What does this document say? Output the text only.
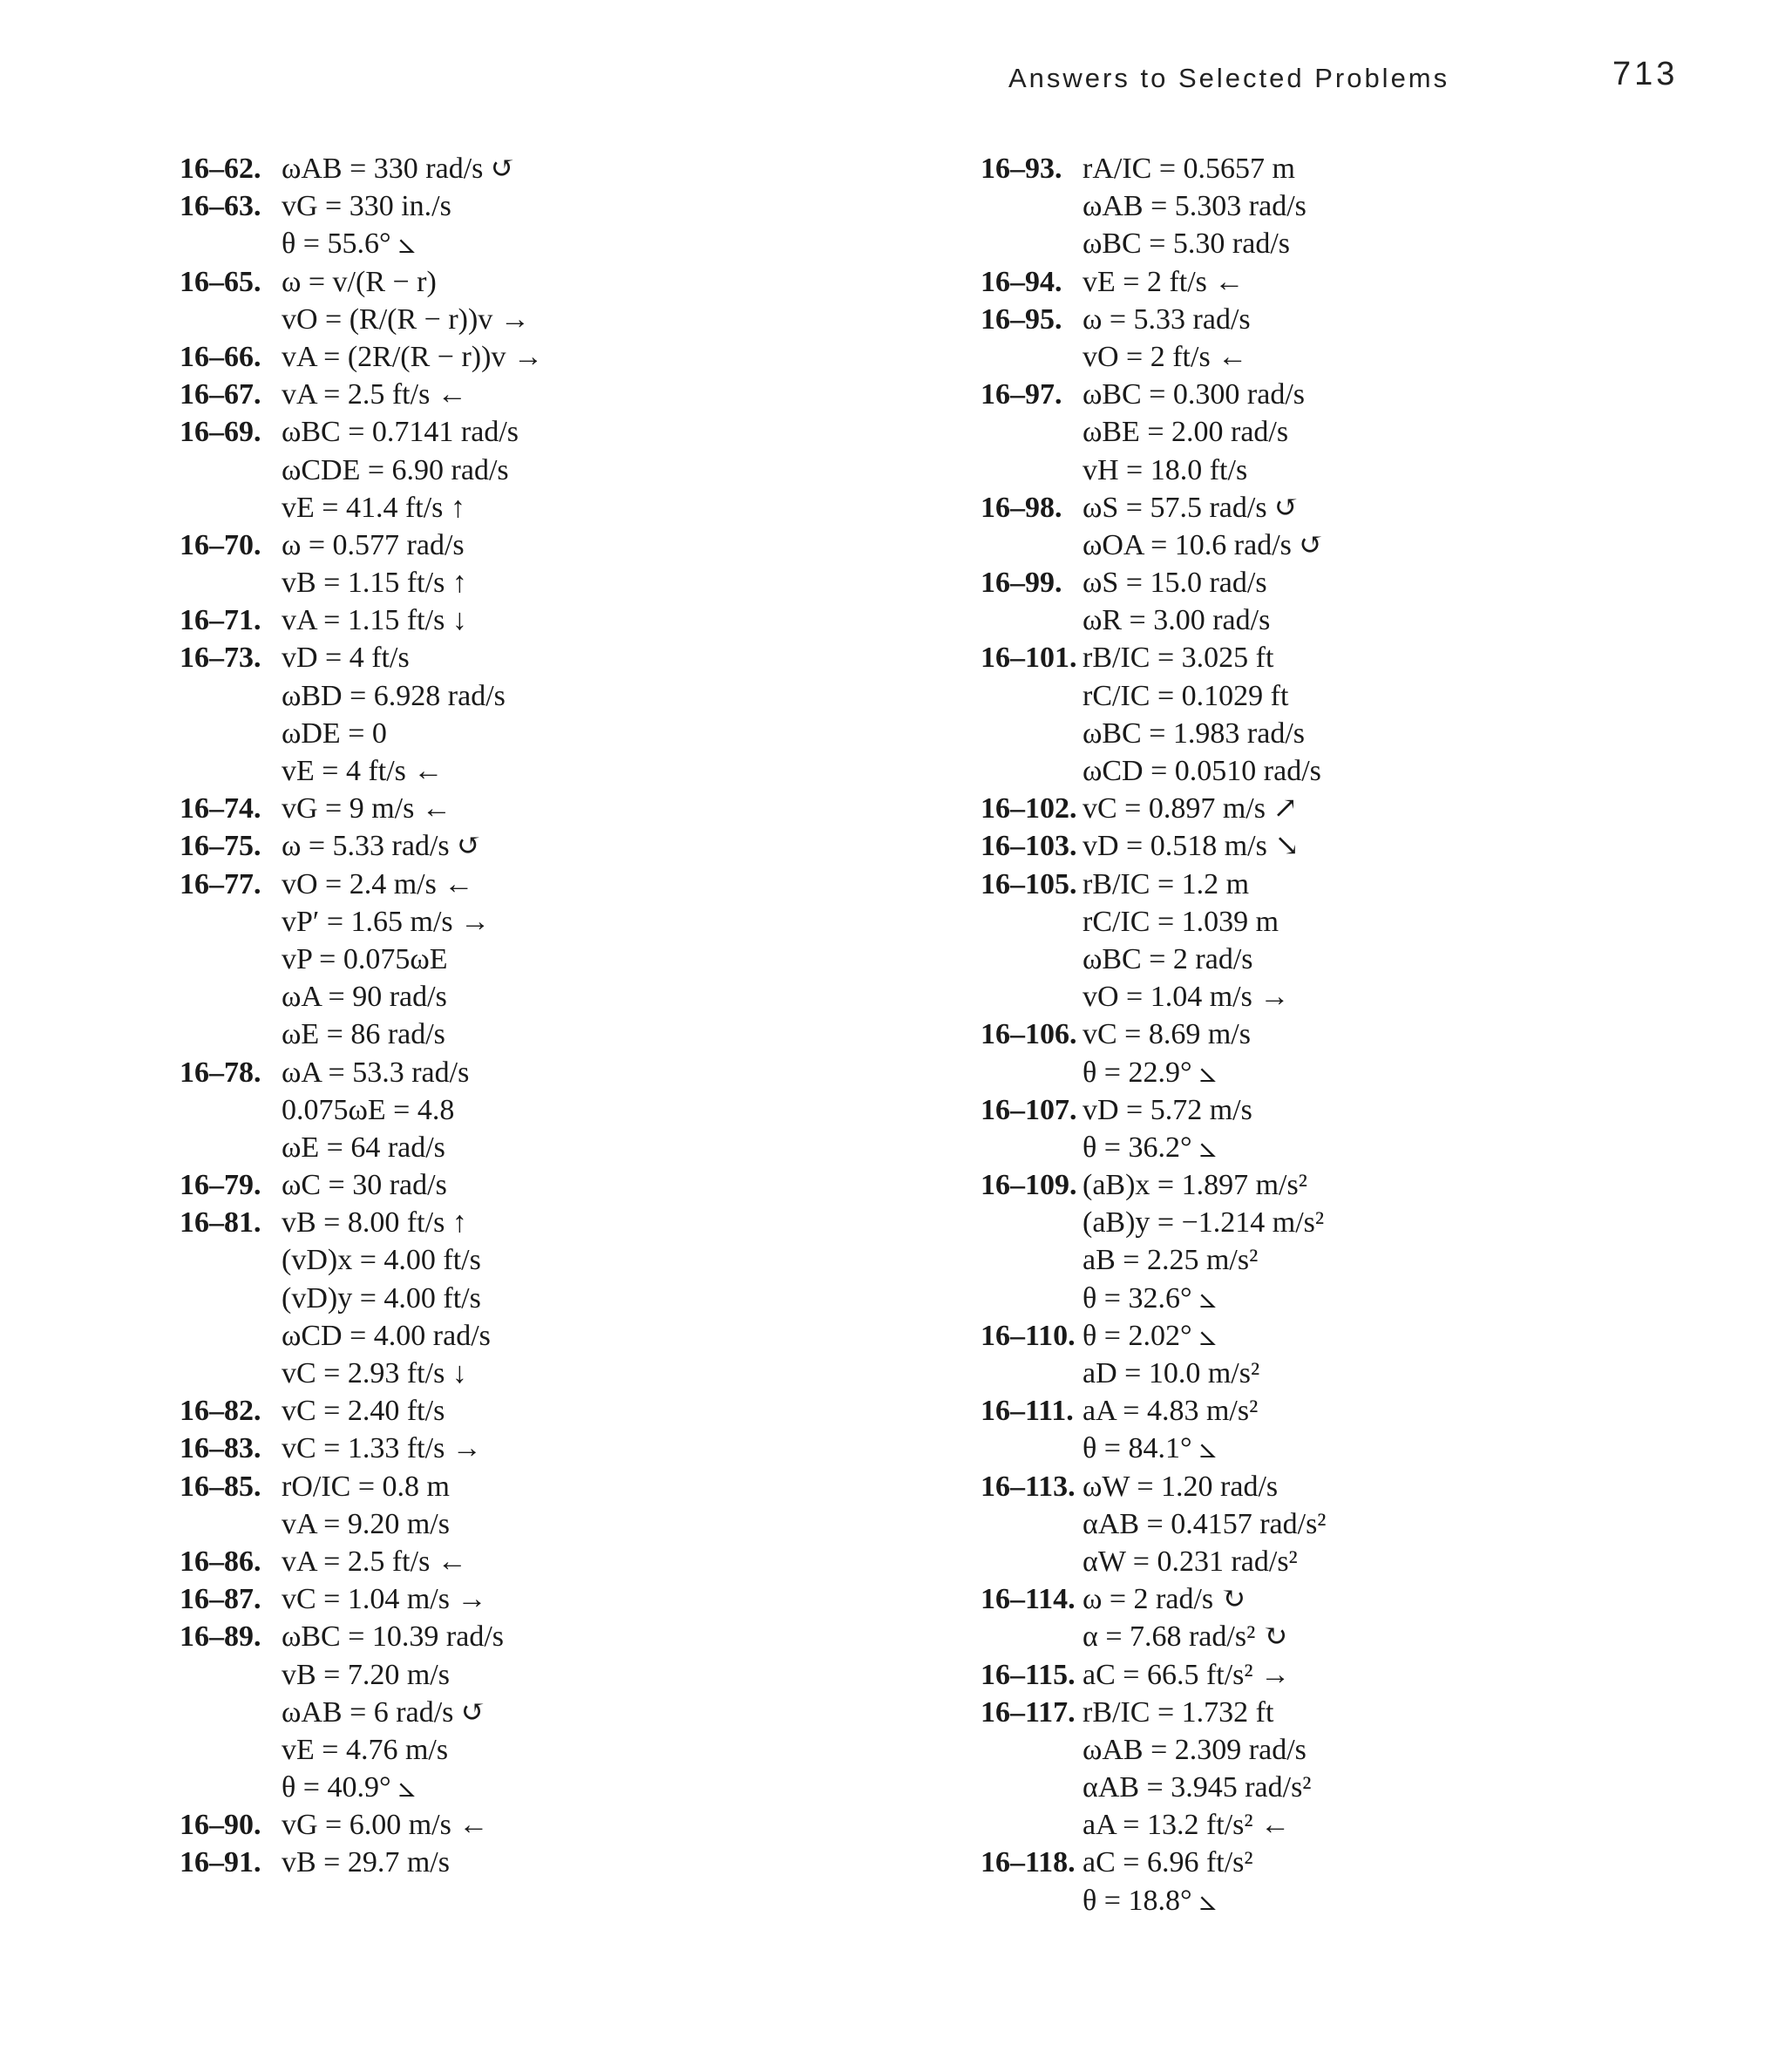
Answers to Selected Problems	713
16–62. ωAB = 330 rad/s ↺
16–63. vG = 330 in./s
θ = 55.6° ⦣
16–65. ω = v/(R − r)
vO = (R/(R − r))v →
16–66. vA = (2R/(R − r))v →
16–67. vA = 2.5 ft/s ←
16–69. ωBC = 0.7141 rad/s
ωCDE = 6.90 rad/s
vE = 41.4 ft/s ↑
16–70. ω = 0.577 rad/s
vB = 1.15 ft/s ↑
16–71. vA = 1.15 ft/s ↓
16–73. vD = 4 ft/s
ωBD = 6.928 rad/s
ωDE = 0
vE = 4 ft/s ←
16–74. vG = 9 m/s ←
16–75. ω = 5.33 rad/s ↺
16–77. vO = 2.4 m/s ←
vP′ = 1.65 m/s →
vP = 0.075ωE
ωA = 90 rad/s
ωE = 86 rad/s
16–78. ωA = 53.3 rad/s
0.075ωE = 4.8
ωE = 64 rad/s
16–79. ωC = 30 rad/s
16–81. vB = 8.00 ft/s ↑
(vD)x = 4.00 ft/s
(vD)y = 4.00 ft/s
ωCD = 4.00 rad/s
vC = 2.93 ft/s ↓
16–82. vC = 2.40 ft/s
16–83. vC = 1.33 ft/s →
16–85. rO/IC = 0.8 m
vA = 9.20 m/s
16–86. vA = 2.5 ft/s ←
16–87. vC = 1.04 m/s →
16–89. ωBC = 10.39 rad/s
vB = 7.20 m/s
ωAB = 6 rad/s ↺
vE = 4.76 m/s
θ = 40.9° ⦣
16–90. vG = 6.00 m/s ←
16–91. vB = 29.7 m/s
16–93. rA/IC = 0.5657 m
ωAB = 5.303 rad/s
ωBC = 5.30 rad/s
16–94. vE = 2 ft/s ←
16–95. ω = 5.33 rad/s
vO = 2 ft/s ←
16–97. ωBC = 0.300 rad/s
ωBE = 2.00 rad/s
vH = 18.0 ft/s
16–98. ωS = 57.5 rad/s ↺
ωOA = 10.6 rad/s ↺
16–99. ωS = 15.0 rad/s
ωR = 3.00 rad/s
16–101. rB/IC = 3.025 ft
rC/IC = 0.1029 ft
ωBC = 1.983 rad/s
ωCD = 0.0510 rad/s
16–102. vC = 0.897 m/s ↗
16–103. vD = 0.518 m/s ↘
16–105. rB/IC = 1.2 m
rC/IC = 1.039 m
ωBC = 2 rad/s
vO = 1.04 m/s →
16–106. vC = 8.69 m/s
θ = 22.9° ⦣
16–107. vD = 5.72 m/s
θ = 36.2° ⦣
16–109. (aB)x = 1.897 m/s²
(aB)y = −1.214 m/s²
aB = 2.25 m/s²
θ = 32.6° ⦣
16–110. θ = 2.02° ⦣
aD = 10.0 m/s²
16–111. aA = 4.83 m/s²
θ = 84.1° ⦣
16–113. ωW = 1.20 rad/s
αAB = 0.4157 rad/s²
αW = 0.231 rad/s²
16–114. ω = 2 rad/s ↻
α = 7.68 rad/s² ↻
16–115. aC = 66.5 ft/s² →
16–117. rB/IC = 1.732 ft
ωAB = 2.309 rad/s
αAB = 3.945 rad/s²
aA = 13.2 ft/s² ←
16–118. aC = 6.96 ft/s²
θ = 18.8° ⦣
